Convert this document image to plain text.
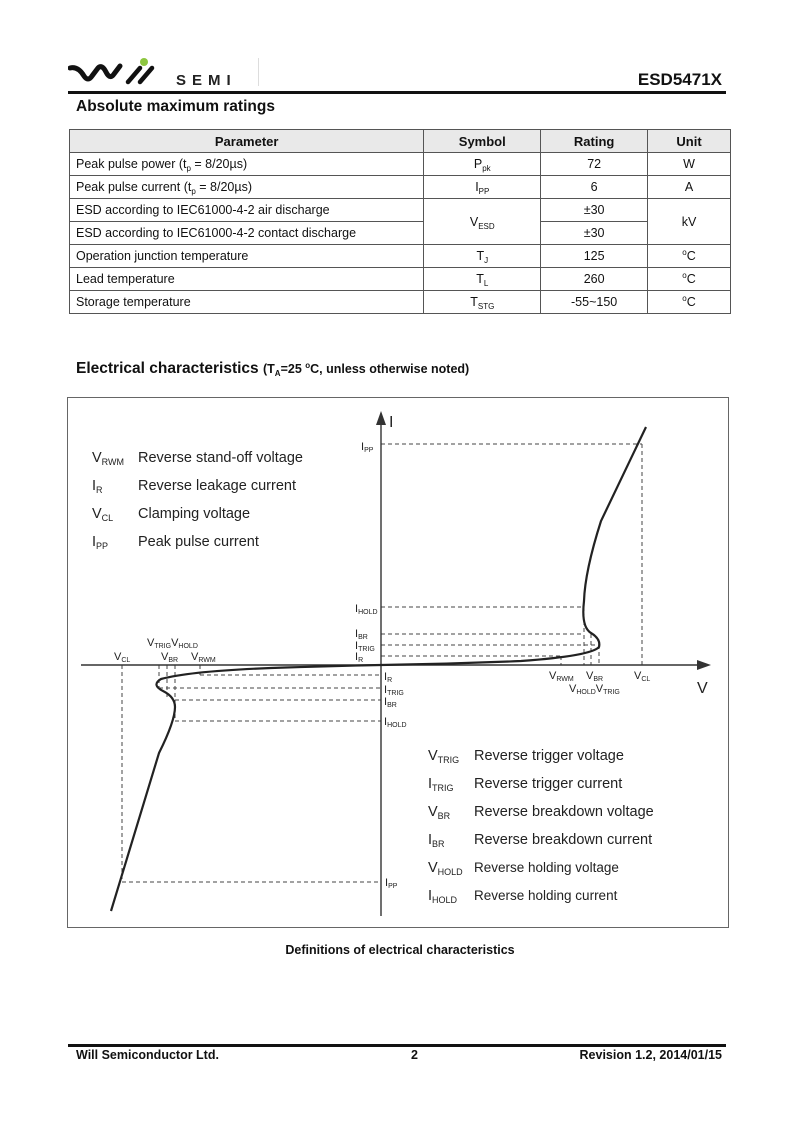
SEMI	ESD5471X
Absolute maximum ratings
Parameter	Symbol	Rating	Unit
Peak pulse power $(t_p = 8/20\mu s)$	$P_{pk}$	72	W
Peak pulse current $(t_p = 8/20\mu s)$	$I_{PP}$	6	A
ESD according to IEC61000-4-2 air discharge	$V_{ESD}$	±30	kV
ESD according to IEC61000-4-2 contact discharge		±30	
Operation junction temperature	$T_J$	125	$^o$C
Lead temperature	$T_L$	260	$^o$C
Storage temperature	$T_{STG}$	-55~150	$^o$C
Electrical characteristics ($T_A=25$ $^o$C, unless otherwise noted)
I
V
IPP
IHOLD
IBR
ITRIG
IR
IR
ITRIG
IBR
IHOLD
IPP
VCL
VTRIGVHOLD
VBR VRWM
VRWM VBR	VCL
VHOLDVTRIG
$V_{RWM}$ Reverse stand-off voltage
$I_R$ Reverse leakage current
$V_{CL}$ Clamping voltage
$I_{PP}$ Peak pulse current
$V_{TRIG}$ Reverse trigger voltage
$I_{TRIG}$ Reverse trigger current
$V_{BR}$ Reverse breakdown voltage
$I_{BR}$ Reverse breakdown current
$V_{HOLD}$ Reverse holding voltage
$I_{HOLD}$ Reverse holding current
Definitions of electrical characteristics
Will Semiconductor Ltd.	2	Revision 1.2, 2014/01/15
